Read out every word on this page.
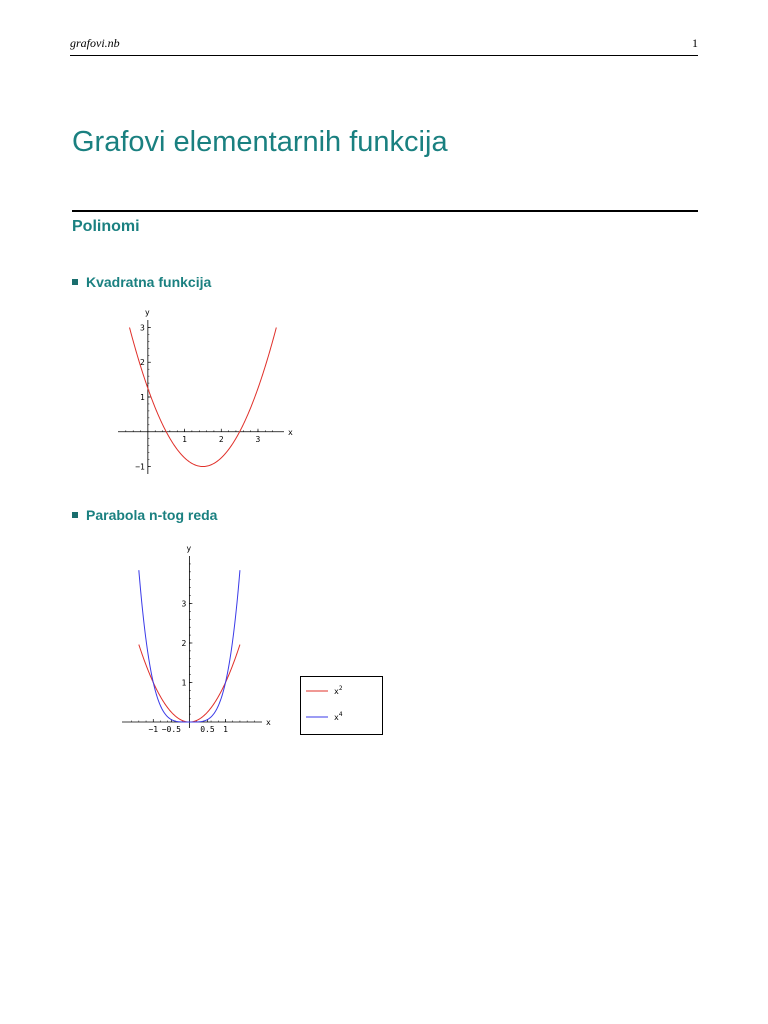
grafovi.nb	1
Grafovi elementarnih funkcija
Polinomi
Kvadratna funkcija
x
y
1	2	3
−1
1
2
3
Parabola n-tog reda
x
y
−1 −0.5 0.5 1
1
2
3
$x^2$
$x^4$
